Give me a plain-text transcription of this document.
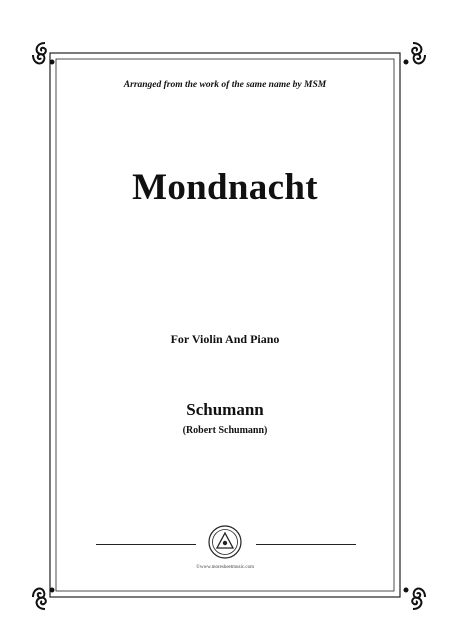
Arranged from the work of the same name by MSM
Mondnacht
For Violin And Piano
Schumann
(Robert Schumann)
©www.moresheetmusic.com
